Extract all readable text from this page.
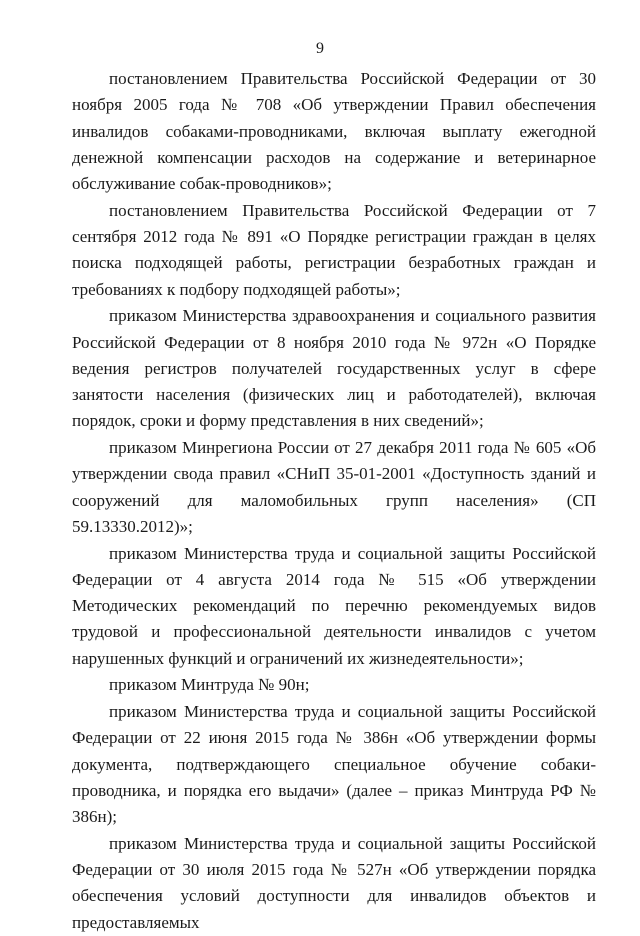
9

постановлением Правительства Российской Федерации от 30 ноября 2005 года № 708 «Об утверждении Правил обеспечения инвалидов собаками-проводниками, включая выплату ежегодной денежной компенсации расходов на содержание и ветеринарное обслуживание собак-проводников»;

постановлением Правительства Российской Федерации от 7 сентября 2012 года № 891 «О Порядке регистрации граждан в целях поиска подходящей работы, регистрации безработных граждан и требованиях к подбору подходящей работы»;

приказом Министерства здравоохранения и социального развития Российской Федерации от 8 ноября 2010 года № 972н «О Порядке ведения регистров получателей государственных услуг в сфере занятости населения (физических лиц и работодателей), включая порядок, сроки и форму представления в них сведений»;

приказом Минрегиона России от 27 декабря 2011 года № 605 «Об утверждении свода правил «СНиП 35-01-2001 «Доступность зданий и сооружений для маломобильных групп населения» (СП 59.13330.2012)»;

приказом Министерства труда и социальной защиты Российской Федерации от 4 августа 2014 года № 515 «Об утверждении Методических рекомендаций по перечню рекомендуемых видов трудовой и профессиональной деятельности инвалидов с учетом нарушенных функций и ограничений их жизнедеятельности»;

приказом Минтруда № 90н;

приказом Министерства труда и социальной защиты Российской Федерации от 22 июня 2015 года № 386н «Об утверждении формы документа, подтверждающего специальное обучение собаки-проводника, и порядка его выдачи» (далее – приказ Минтруда РФ № 386н);

приказом Министерства труда и социальной защиты Российской Федерации от 30 июля 2015 года № 527н «Об утверждении порядка обеспечения условий доступности для инвалидов объектов и предоставляемых
